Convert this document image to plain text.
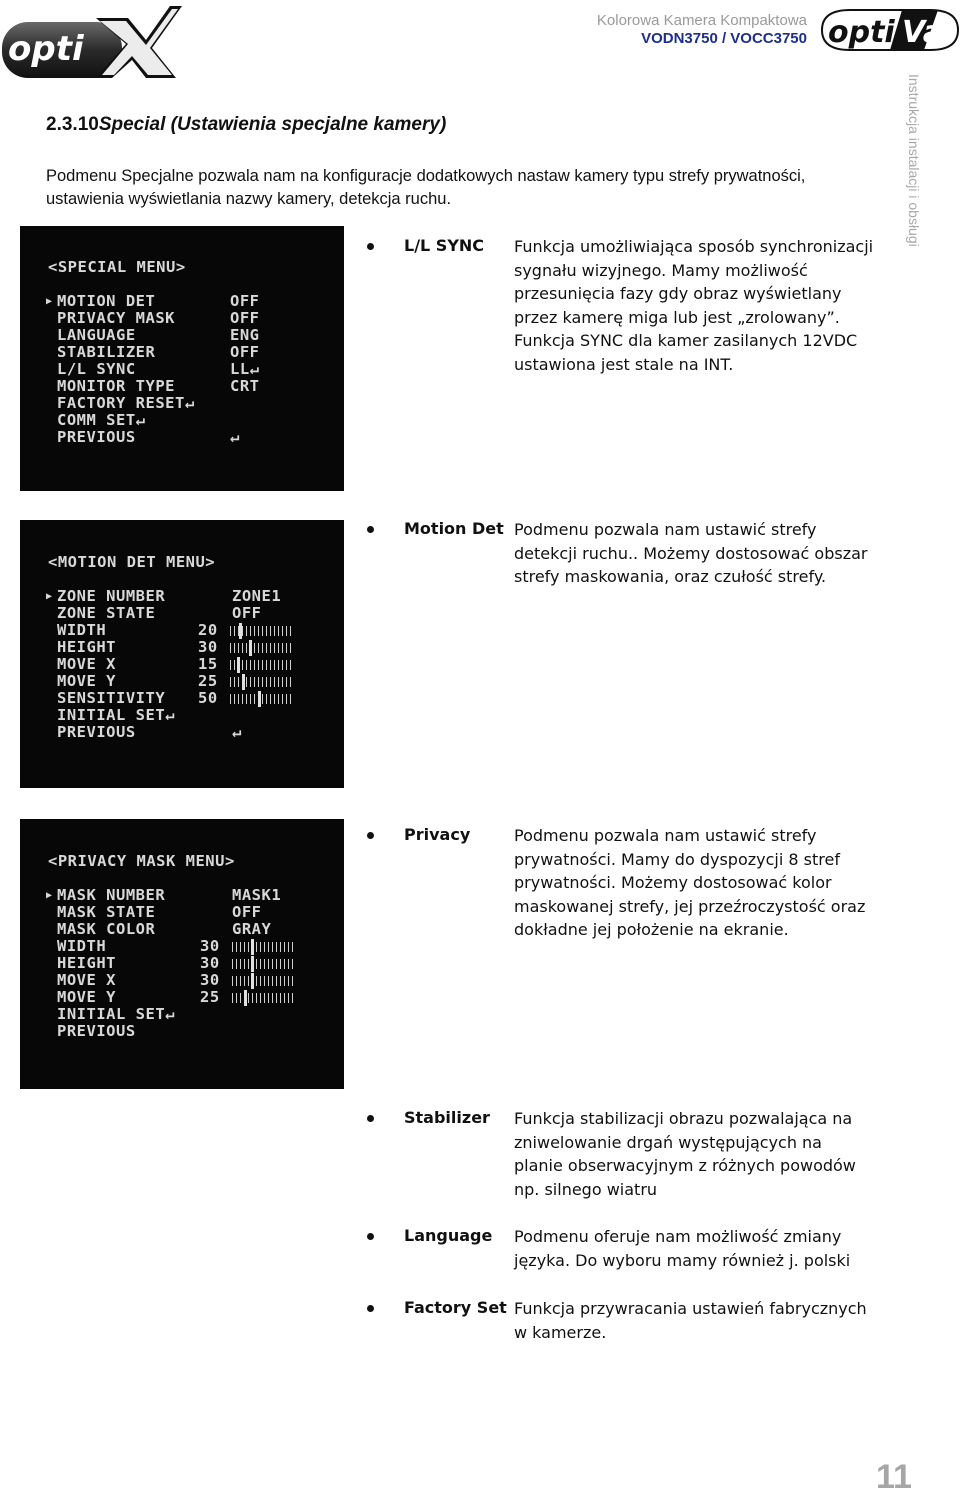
opti	opti Va
Kolorowa Kamera Kompaktowa
VODN3750 / VOCC3750
Instrukcja instalacji i obsługi
2.3.10Special (Ustawienia specjalne kamery)
Podmenu Specjalne pozwala nam na konfiguracje dodatkowych nastaw kamery typu strefy prywatności, ustawienia wyświetlania nazwy kamery, detekcja ruchu.
<SPECIAL MENU>
▶ MOTION DET	OFF
PRIVACY MASK	OFF
LANGUAGE	ENG
STABILIZER	OFF
L/L SYNC	LL↵
MONITOR TYPE	CRT
FACTORY RESET↵
COMM SET↵
PREVIOUS	↵
<MOTION DET MENU>
▶ ZONE NUMBER	ZONE1
ZONE STATE	OFF
WIDTH	20
HEIGHT	30
MOVE X	15
MOVE Y	25
SENSITIVITY 50
INITIAL SET↵
PREVIOUS	↵
<PRIVACY MASK MENU>
▶ MASK NUMBER	MASK1
MASK STATE	OFF
MASK COLOR	GRAY
WIDTH	30
HEIGHT	30
MOVE X	30
MOVE Y	25
INITIAL SET↵
PREVIOUS
L/L SYNC Funkcja umożliwiająca sposób synchronizacji sygnału wizyjnego. Mamy możliwość przesunięcia fazy gdy obraz wyświetlany przez kamerę miga lub jest „zrolowany”. Funkcja SYNC dla kamer zasilanych 12VDC ustawiona jest stale na INT.
Motion Det Podmenu pozwala nam ustawić strefy detekcji ruchu.. Możemy dostosować obszar strefy maskowania, oraz czułość strefy.
Privacy	Podmenu pozwala nam ustawić strefy prywatności. Mamy do dyspozycji 8 stref prywatności. Możemy dostosować kolor maskowanej strefy, jej przeźroczystość oraz dokładne jej położenie na ekranie.
Stabilizer Funkcja stabilizacji obrazu pozwalająca na zniwelowanie drgań występujących na planie obserwacyjnym z różnych powodów np. silnego wiatru
Language Podmenu oferuje nam możliwość zmiany języka. Do wyboru mamy również j. polski
Factory Set Funkcja przywracania ustawień fabrycznych w kamerze.
11
